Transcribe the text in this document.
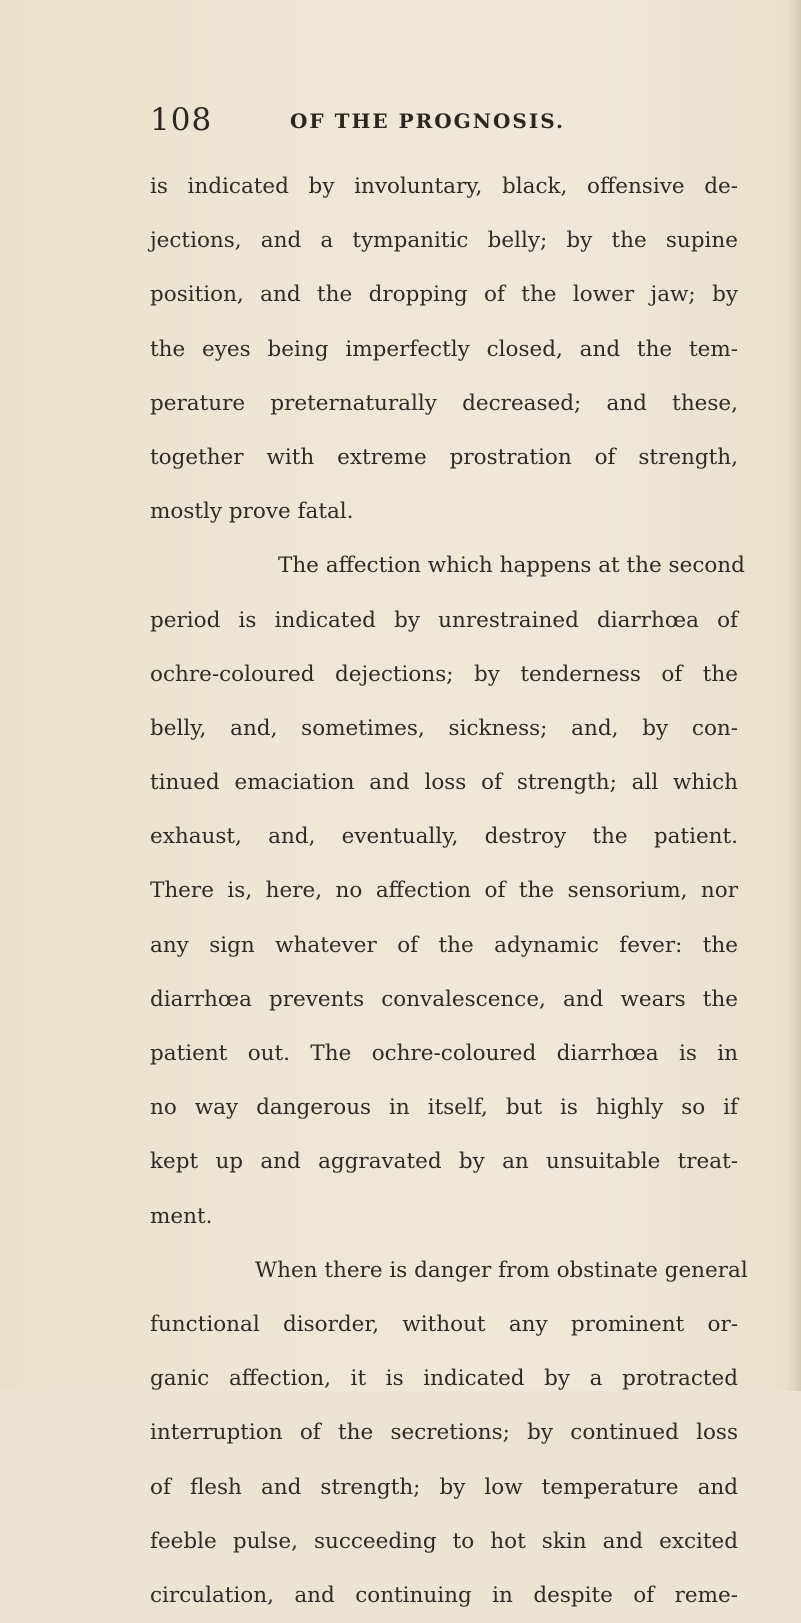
108	OF THE PROGNOSIS.
is indicated by involuntary, black, offensive de-
jections, and a tympanitic belly; by the supine
position, and the dropping of the lower jaw; by
the eyes being imperfectly closed, and the tem-
perature preternaturally decreased; and these,
together with extreme prostration of strength,
mostly prove fatal.
The affection which happens at the second
period is indicated by unrestrained diarrhœa of
ochre-coloured dejections; by tenderness of the
belly, and, sometimes, sickness; and, by con-
tinued emaciation and loss of strength; all which
exhaust, and, eventually, destroy the patient.
There is, here, no affection of the sensorium, nor
any sign whatever of the adynamic fever: the
diarrhœa prevents convalescence, and wears the
patient out. The ochre-coloured diarrhœa is in
no way dangerous in itself, but is highly so if
kept up and aggravated by an unsuitable treat-
ment.
When there is danger from obstinate general
functional disorder, without any prominent or-
ganic affection, it is indicated by a protracted
interruption of the secretions; by continued loss
of flesh and strength; by low temperature and
feeble pulse, succeeding to hot skin and excited
circulation, and continuing in despite of reme-
